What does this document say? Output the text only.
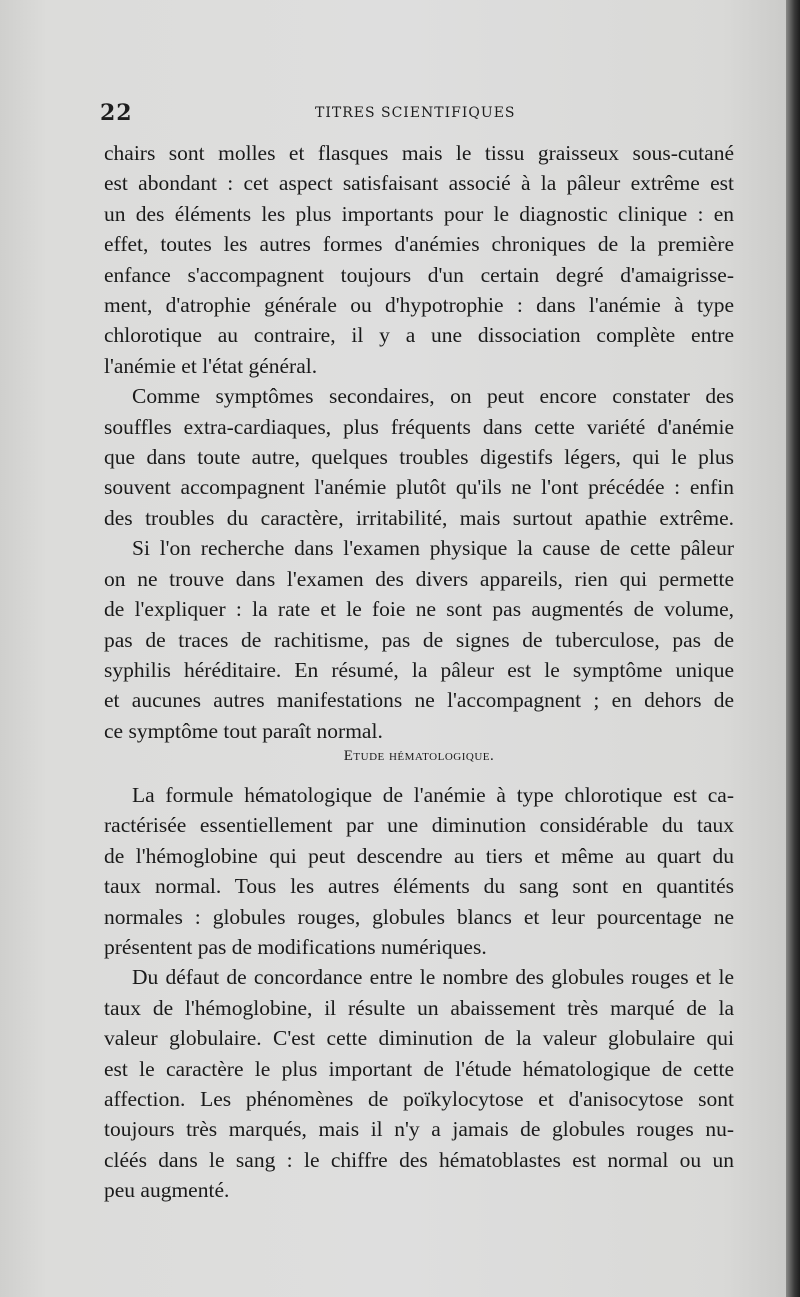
22	TITRES SCIENTIFIQUES
chairs sont molles et flasques mais le tissu graisseux sous-cutané
est abondant : cet aspect satisfaisant associé à la pâleur extrême est
un des éléments les plus importants pour le diagnostic clinique : en
effet, toutes les autres formes d'anémies chroniques de la première
enfance s'accompagnent toujours d'un certain degré d'amaigrisse-
ment, d'atrophie générale ou d'hypotrophie : dans l'anémie à type
chlorotique au contraire, il y a une dissociation complète entre
l'anémie et l'état général.
Comme symptômes secondaires, on peut encore constater des
souffles extra-cardiaques, plus fréquents dans cette variété d'anémie
que dans toute autre, quelques troubles digestifs légers, qui le plus
souvent accompagnent l'anémie plutôt qu'ils ne l'ont précédée : enfin
des troubles du caractère, irritabilité, mais surtout apathie extrême.
Si l'on recherche dans l'examen physique la cause de cette pâleur
on ne trouve dans l'examen des divers appareils, rien qui permette
de l'expliquer : la rate et le foie ne sont pas augmentés de volume,
pas de traces de rachitisme, pas de signes de tuberculose, pas de
syphilis héréditaire. En résumé, la pâleur est le symptôme unique
et aucunes autres manifestations ne l'accompagnent ; en dehors de
ce symptôme tout paraît normal.
Etude hématologique.
La formule hématologique de l'anémie à type chlorotique est ca-
ractérisée essentiellement par une diminution considérable du taux
de l'hémoglobine qui peut descendre au tiers et même au quart du
taux normal. Tous les autres éléments du sang sont en quantités
normales : globules rouges, globules blancs et leur pourcentage ne
présentent pas de modifications numériques.
Du défaut de concordance entre le nombre des globules rouges et le
taux de l'hémoglobine, il résulte un abaissement très marqué de la
valeur globulaire. C'est cette diminution de la valeur globulaire qui
est le caractère le plus important de l'étude hématologique de cette
affection. Les phénomènes de poïkylocytose et d'anisocytose sont
toujours très marqués, mais il n'y a jamais de globules rouges nu-
cléés dans le sang : le chiffre des hématoblastes est normal ou un
peu augmenté.
